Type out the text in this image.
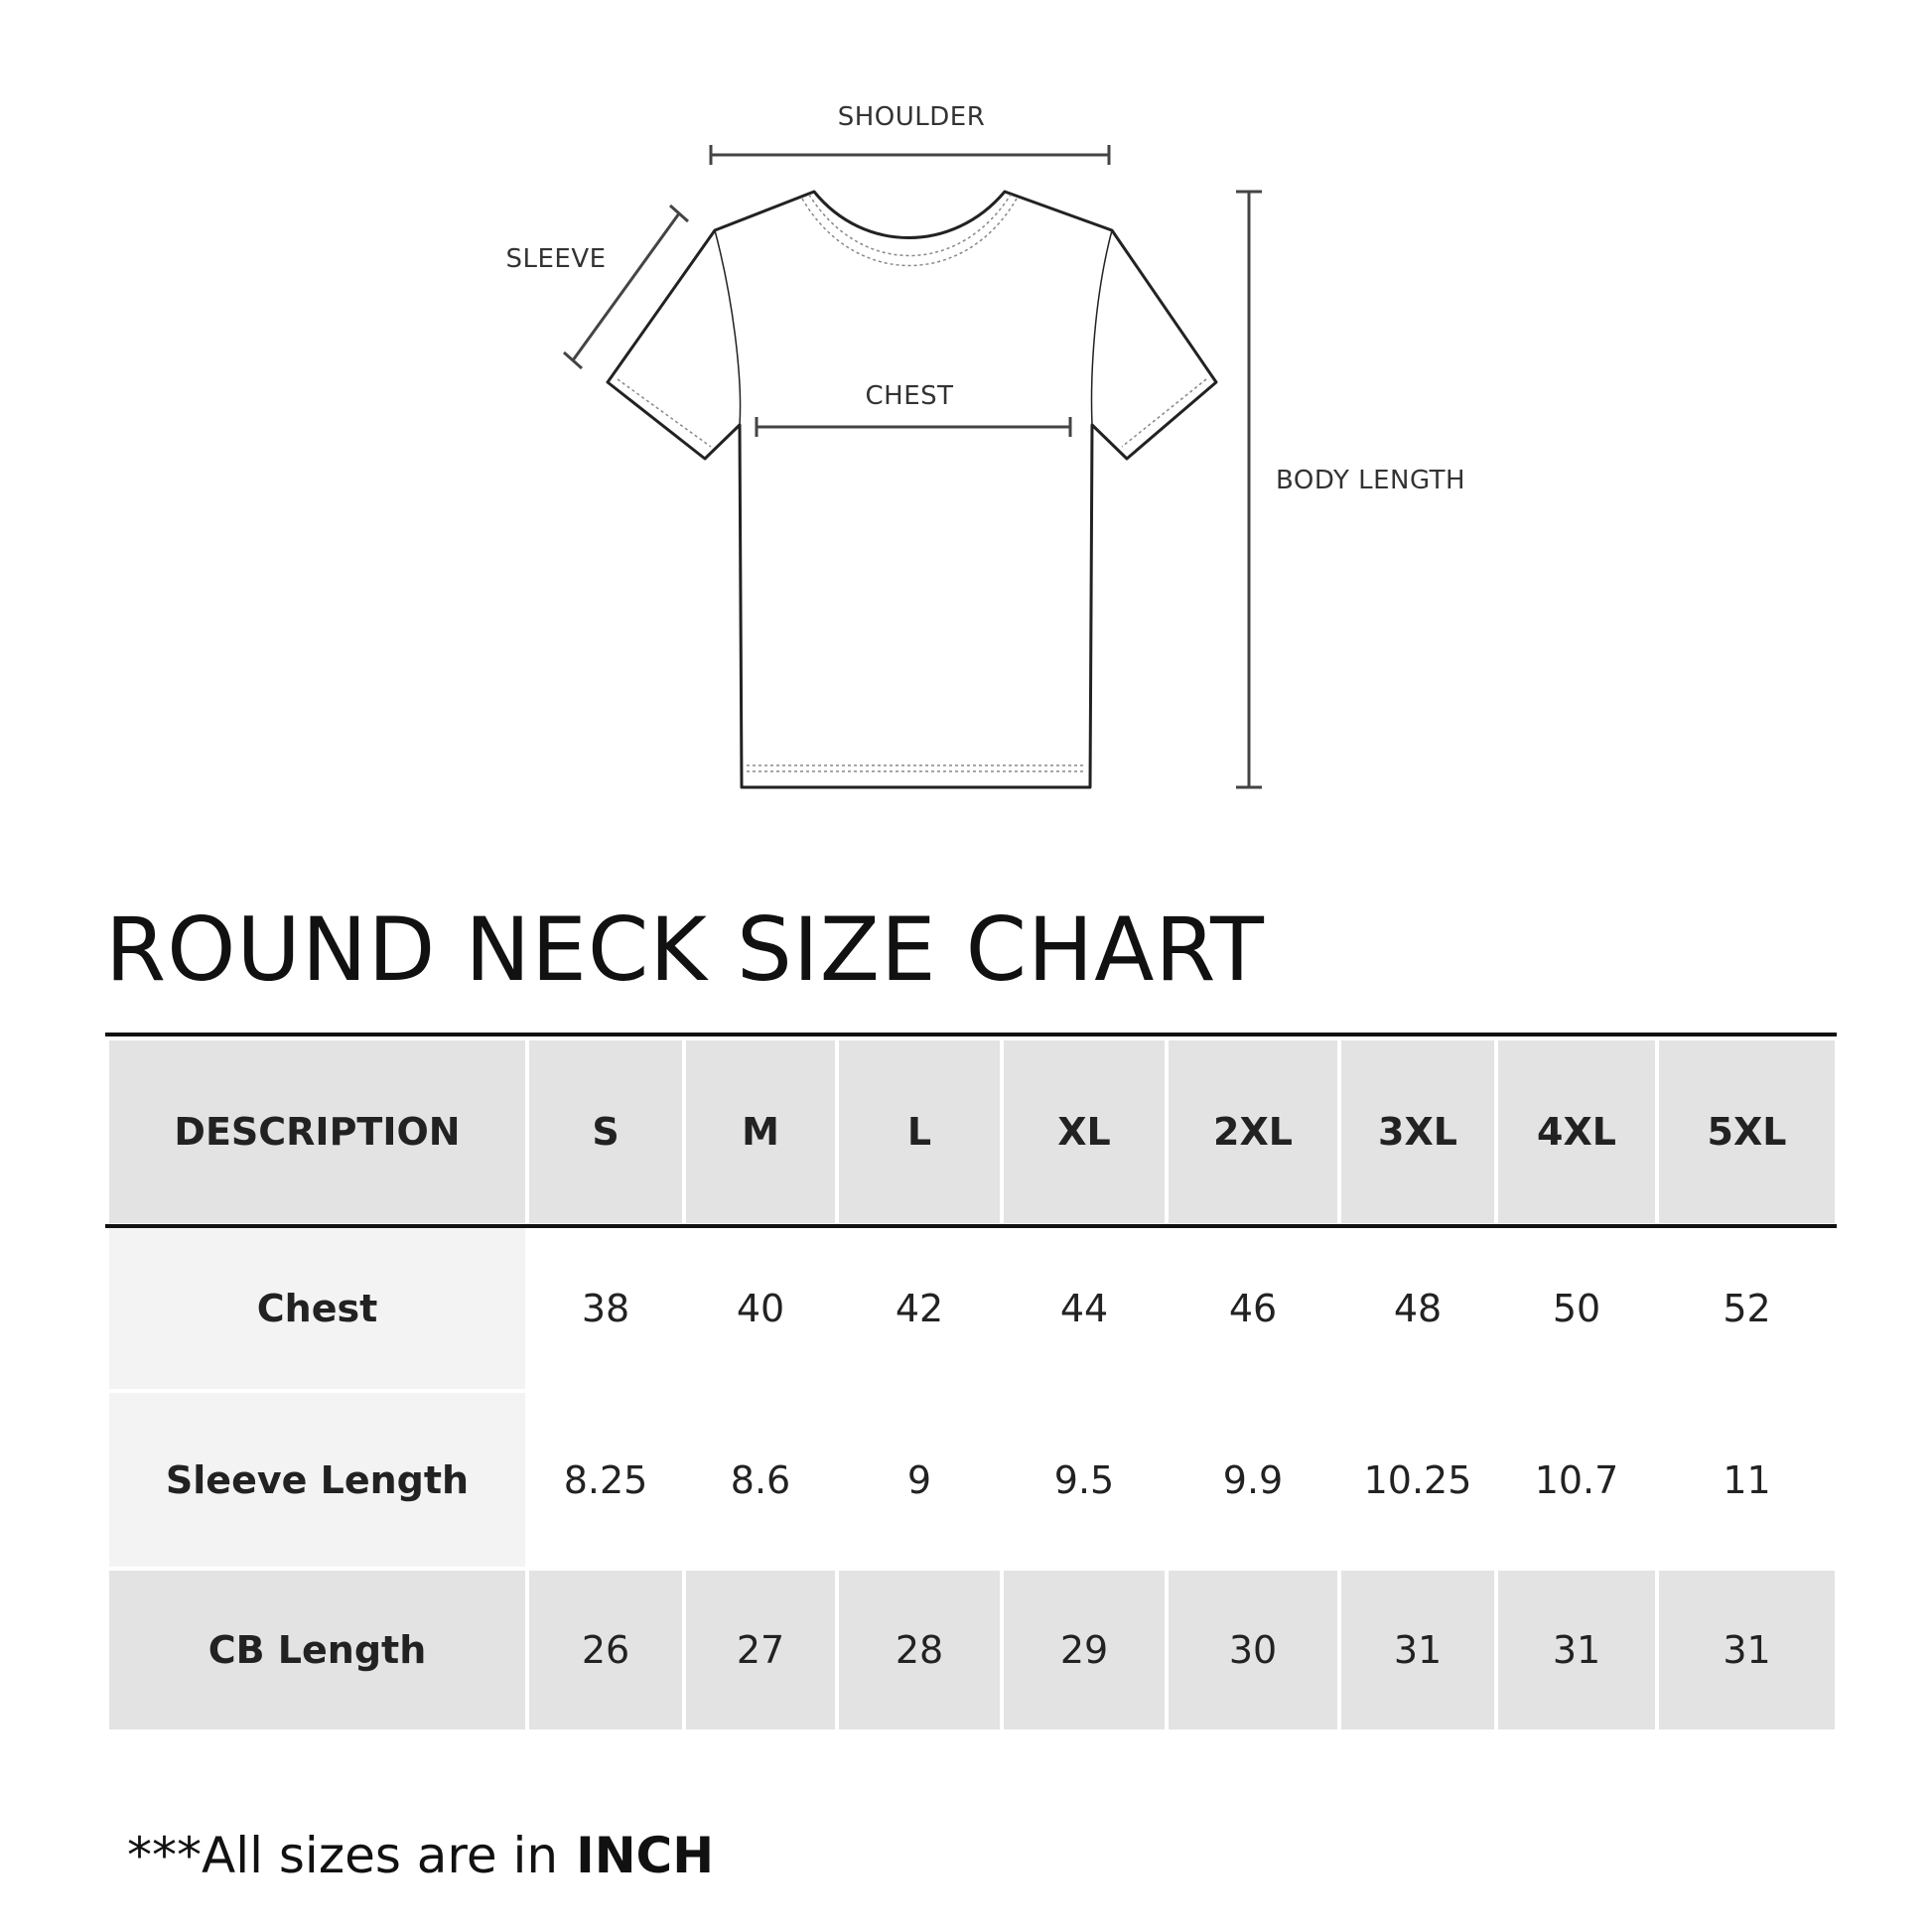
SHOULDER
SLEEVE
CHEST
BODY LENGTH
ROUND NECK SIZE CHART
DESCRIPTION	S	M	L	XL	2XL	3XL	4XL	5XL
Chest	38	40	42	44	46	48	50	52
Sleeve Length	8.25	8.6	9	9.5	9.9	10.25	10.7	11
CB Length	26	27	28	29	30	31	31	31

***All sizes are in INCH
